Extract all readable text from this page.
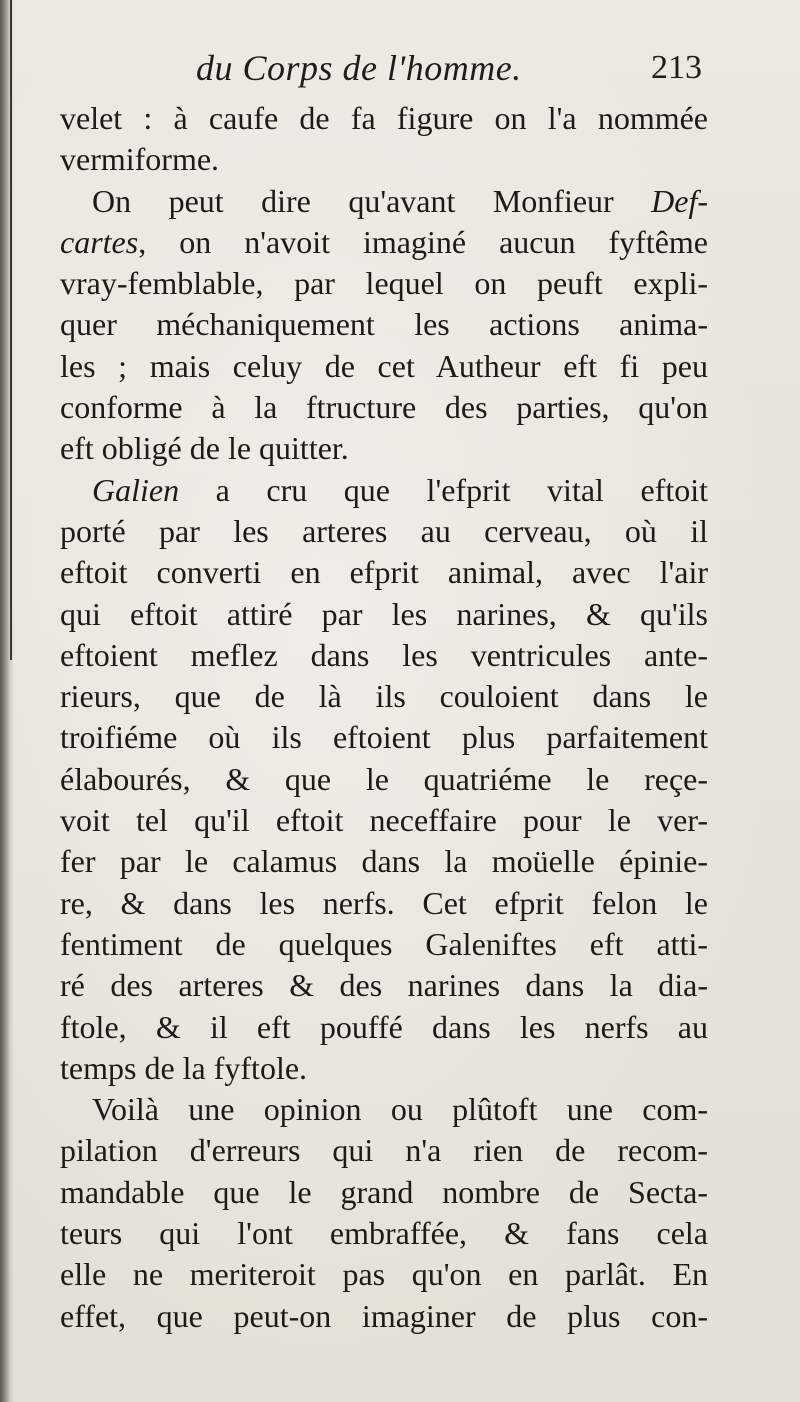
du Corps de l'homme.	213
velet : à caufe de fa figure on l'a nommée
vermiforme.
On peut dire qu'avant Monfieur Def-
cartes, on n'avoit imaginé aucun fyftême
vray-femblable, par lequel on peuft expli-
quer méchaniquement les actions anima-
les ; mais celuy de cet Autheur eft fi peu
conforme à la ftructure des parties, qu'on
eft obligé de le quitter.
Galien a cru que l'efprit vital eftoit
porté par les arteres au cerveau, où il
eftoit converti en efprit animal, avec l'air
qui eftoit attiré par les narines, & qu'ils
eftoient meflez dans les ventricules ante-
rieurs, que de là ils couloient dans le
troifiéme où ils eftoient plus parfaitement
élabourés, & que le quatriéme le reçe-
voit tel qu'il eftoit neceffaire pour le ver-
fer par le calamus dans la moüelle épinie-
re, & dans les nerfs. Cet efprit felon le
fentiment de quelques Galeniftes eft atti-
ré des arteres & des narines dans la dia-
ftole, & il eft pouffé dans les nerfs au
temps de la fyftole.
Voilà une opinion ou plûtoft une com-
pilation d'erreurs qui n'a rien de recom-
mandable que le grand nombre de Secta-
teurs qui l'ont embraffée, & fans cela
elle ne meriteroit pas qu'on en parlât. En
effet, que peut-on imaginer de plus con-
